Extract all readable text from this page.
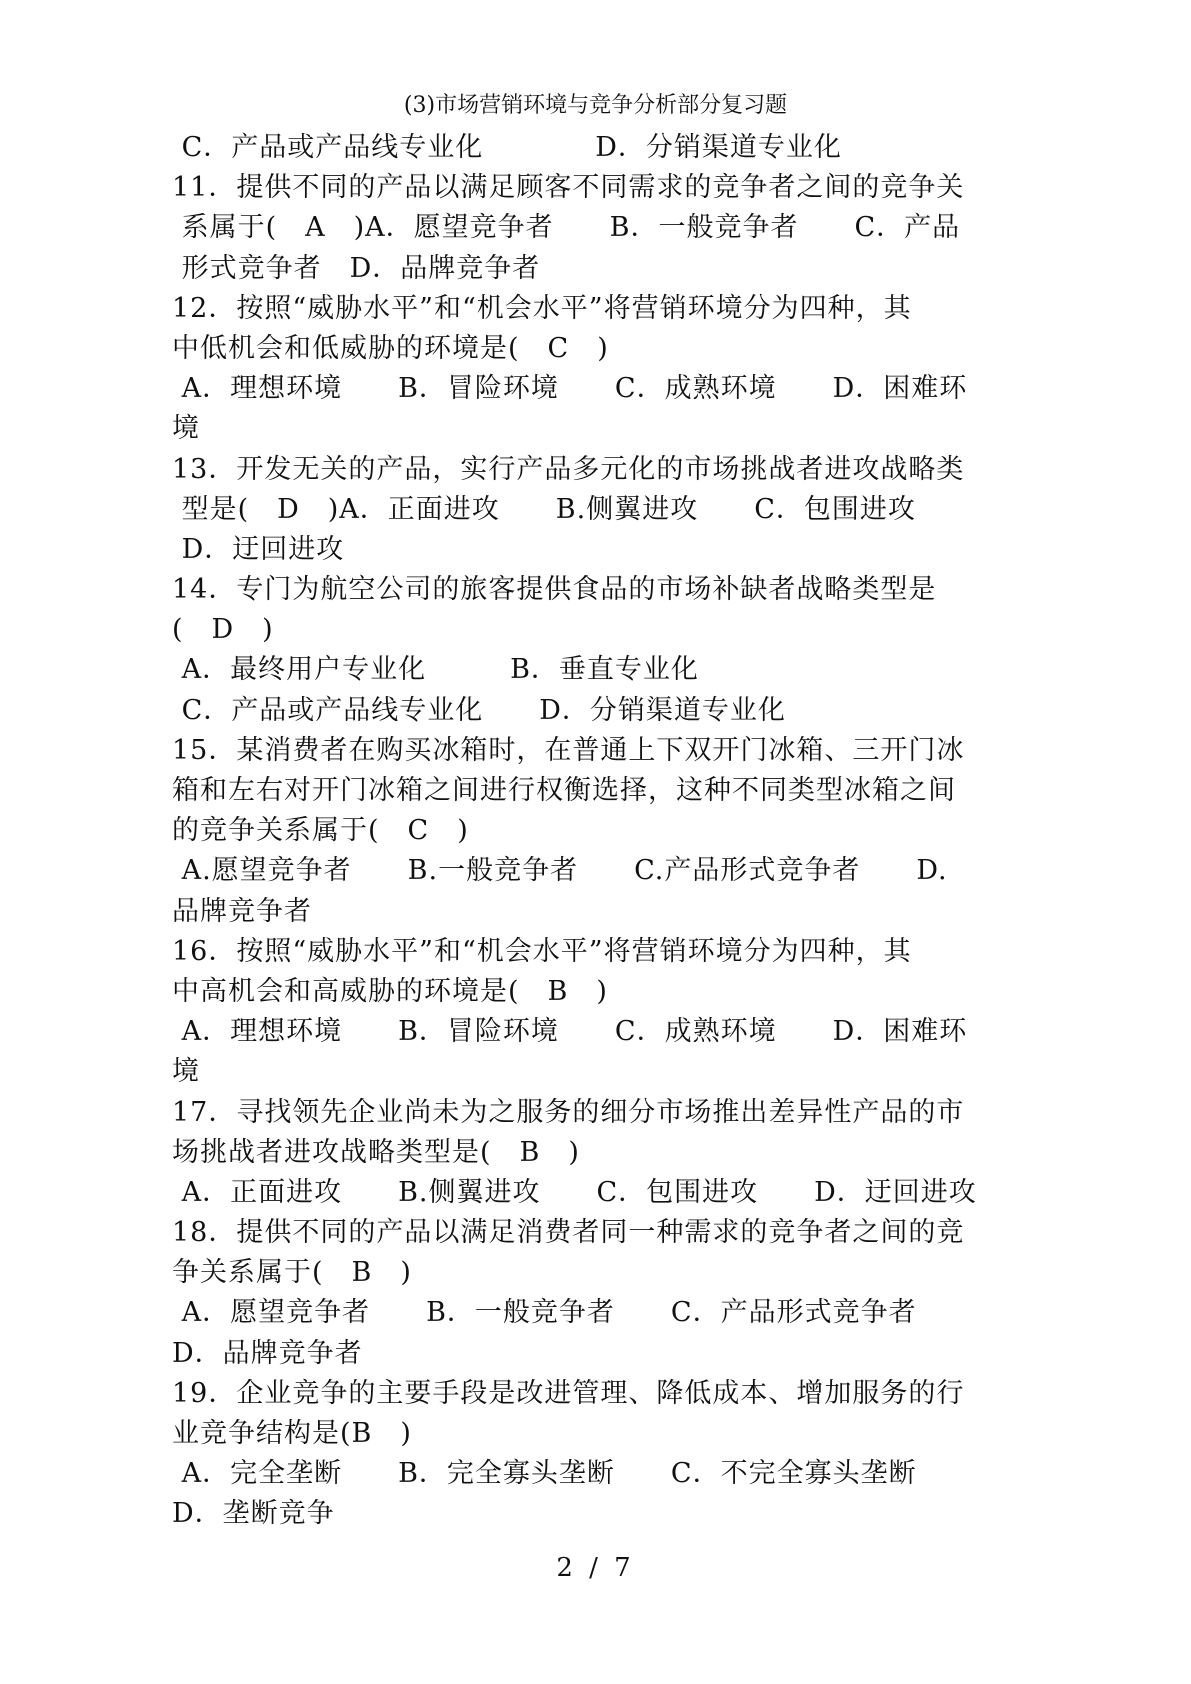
(3)市场营销环境与竞争分析部分复习题
C．产品或产品线专业化　　　　D．分销渠道专业化
11．提供不同的产品以满足顾客不同需求的竞争者之间的竞争关
系属于(　A　)A．愿望竞争者　　B．一般竞争者　　C．产品
形式竞争者　D．品牌竞争者
12．按照“威胁水平”和“机会水平”将营销环境分为四种，其
中低机会和低威胁的环境是(　C　)
A．理想环境　　B．冒险环境　　C．成熟环境　　D．困难环
境
13．开发无关的产品，实行产品多元化的市场挑战者进攻战略类
型是(　D　)A．正面进攻　　B.侧翼进攻　　C．包围进攻
D．迂回进攻
14．专门为航空公司的旅客提供食品的市场补缺者战略类型是
(　D　)
A．最终用户专业化　　　B．垂直专业化
C．产品或产品线专业化　　D．分销渠道专业化
15．某消费者在购买冰箱时，在普通上下双开门冰箱、三开门冰
箱和左右对开门冰箱之间进行权衡选择，这种不同类型冰箱之间
的竞争关系属于(　C　)
A.愿望竞争者　　B.一般竞争者　　C.产品形式竞争者　　D.
品牌竞争者
16．按照“威胁水平”和“机会水平”将营销环境分为四种，其
中高机会和高威胁的环境是(　B　)
A．理想环境　　B．冒险环境　　C．成熟环境　　D．困难环
境
17．寻找领先企业尚未为之服务的细分市场推出差异性产品的市
场挑战者进攻战略类型是(　B　)
A．正面进攻　　B.侧翼进攻　　C．包围进攻　　D．迂回进攻
18．提供不同的产品以满足消费者同一种需求的竞争者之间的竞
争关系属于(　B　)
A．愿望竞争者　　B．一般竞争者　　C．产品形式竞争者
D．品牌竞争者
19．企业竞争的主要手段是改进管理、降低成本、增加服务的行
业竞争结构是(B　)
A．完全垄断　　B．完全寡头垄断　　C．不完全寡头垄断
D．垄断竞争
2 / 7
